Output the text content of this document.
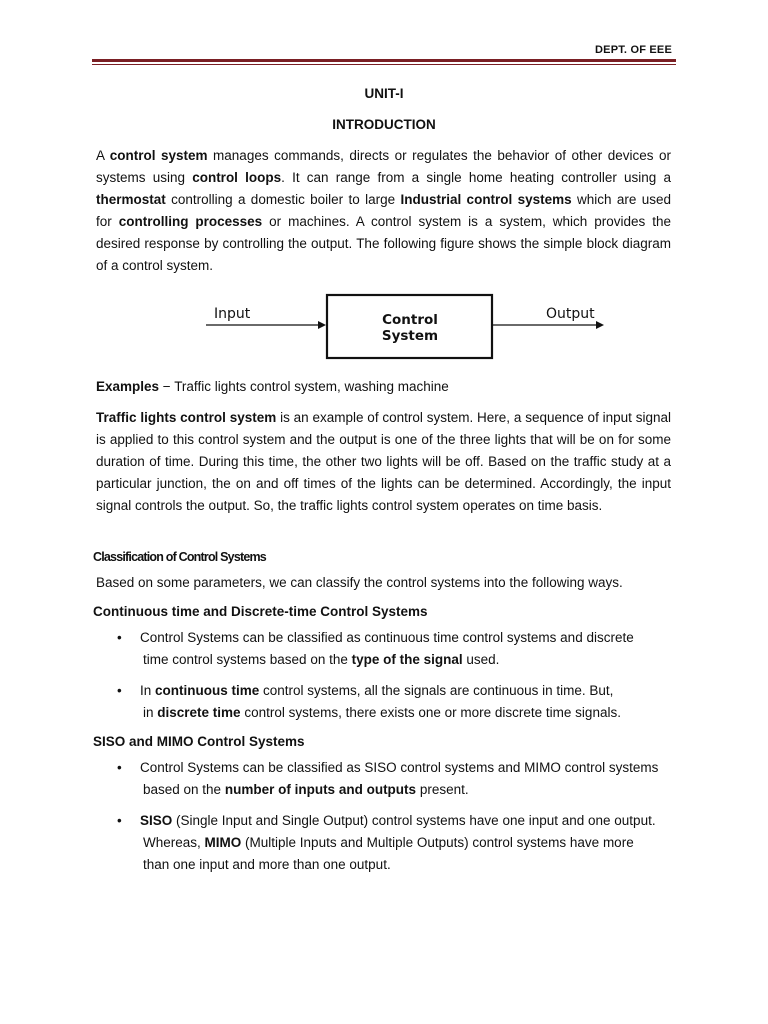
DEPT. OF EEE
UNIT-I
INTRODUCTION
A control system manages commands, directs or regulates the behavior of other devices or systems using control loops. It can range from a single home heating controller using a thermostat controlling a domestic boiler to large Industrial control systems which are used for controlling processes or machines. A control system is a system, which provides the desired response by controlling the output. The following figure shows the simple block diagram of a control system.
Input	Control
System
Output
Examples − Traffic lights control system, washing machine
Traffic lights control system is an example of control system. Here, a sequence of input signal is applied to this control system and the output is one of the three lights that will be on for some duration of time. During this time, the other two lights will be off. Based on the traffic study at a particular junction, the on and off times of the lights can be determined. Accordingly, the input signal controls the output. So, the traffic lights control system operates on time basis.
Classification of Control Systems
Based on some parameters, we can classify the control systems into the following ways.
Continuous time and Discrete-time Control Systems
• Control Systems can be classified as continuous time control systems and discrete
time control systems based on the type of the signal used.
• In continuous time control systems, all the signals are continuous in time. But,
in discrete time control systems, there exists one or more discrete time signals.
SISO and MIMO Control Systems
• Control Systems can be classified as SISO control systems and MIMO control systems
based on the number of inputs and outputs present.
• SISO (Single Input and Single Output) control systems have one input and one output.
Whereas, MIMO (Multiple Inputs and Multiple Outputs) control systems have more
than one input and more than one output.
